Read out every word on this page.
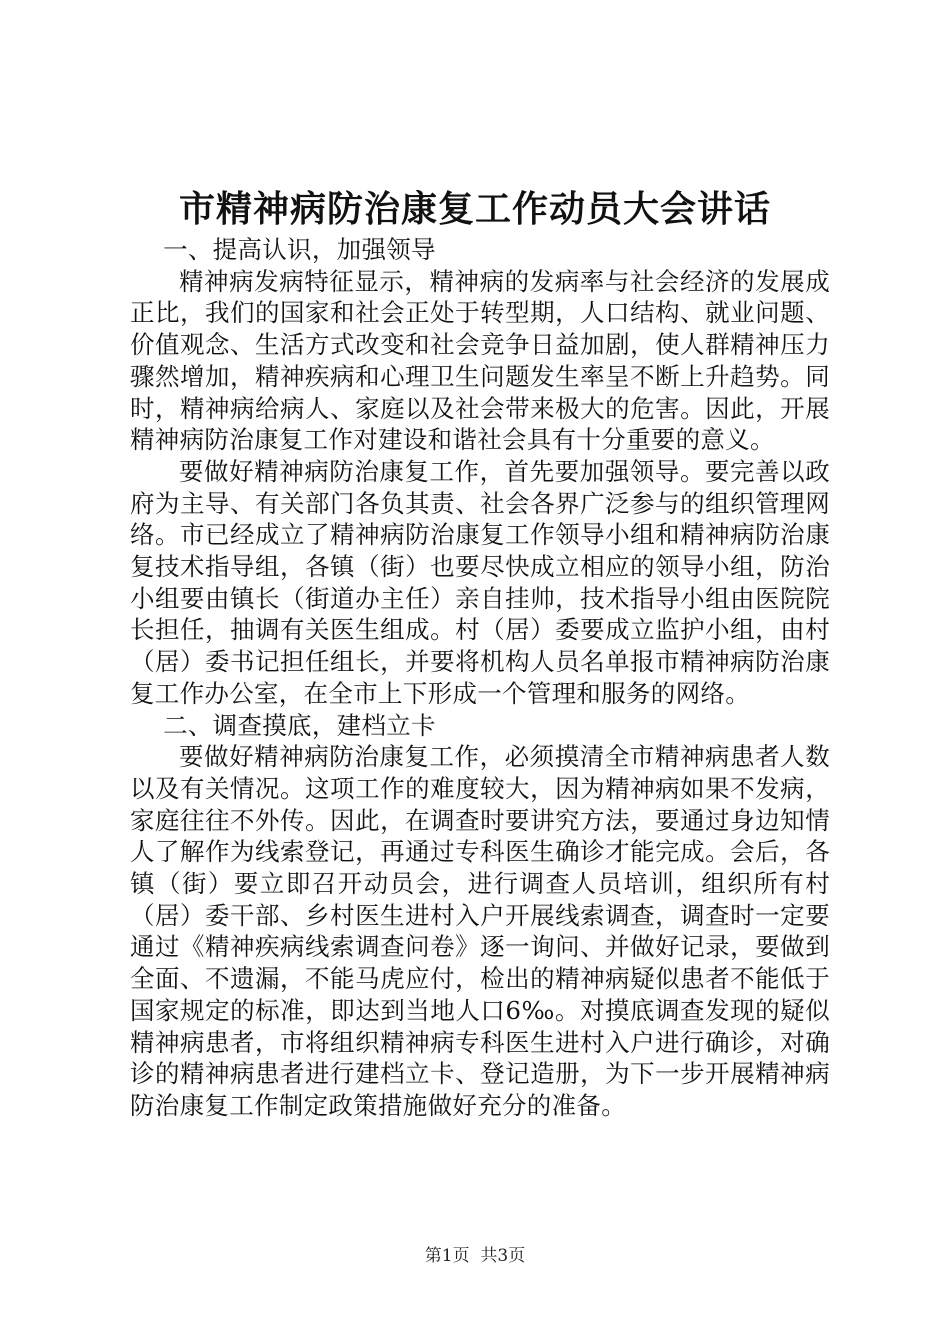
市精神病防治康复工作动员大会讲话

一、提高认识，加强领导

精神病发病特征显示，精神病的发病率与社会经济的发展成正比，我们的国家和社会正处于转型期，人口结构、就业问题、价值观念、生活方式改变和社会竞争日益加剧，使人群精神压力骤然增加，精神疾病和心理卫生问题发生率呈不断上升趋势。同时，精神病给病人、家庭以及社会带来极大的危害。因此，开展精神病防治康复工作对建设和谐社会具有十分重要的意义。

要做好精神病防治康复工作，首先要加强领导。要完善以政府为主导、有关部门各负其责、社会各界广泛参与的组织管理网络。市已经成立了精神病防治康复工作领导小组和精神病防治康复技术指导组，各镇（街）也要尽快成立相应的领导小组，防治小组要由镇长（街道办主任）亲自挂帅，技术指导小组由医院院长担任，抽调有关医生组成。村（居）委要成立监护小组，由村（居）委书记担任组长，并要将机构人员名单报市精神病防治康复工作办公室，在全市上下形成一个管理和服务的网络。

二、调查摸底，建档立卡

要做好精神病防治康复工作，必须摸清全市精神病患者人数以及有关情况。这项工作的难度较大，因为精神病如果不发病，家庭往往不外传。因此，在调查时要讲究方法，要通过身边知情人了解作为线索登记，再通过专科医生确诊才能完成。会后，各镇（街）要立即召开动员会，进行调查人员培训，组织所有村（居）委干部、乡村医生进村入户开展线索调查，调查时一定要通过《精神疾病线索调查问卷》逐一询问、并做好记录，要做到全面、不遗漏，不能马虎应付，检出的精神病疑似患者不能低于国家规定的标准，即达到当地人口6‰。对摸底调查发现的疑似精神病患者，市将组织精神病专科医生进村入户进行确诊，对确诊的精神病患者进行建档立卡、登记造册，为下一步开展精神病防治康复工作制定政策措施做好充分的准备。

第1页 共3页
